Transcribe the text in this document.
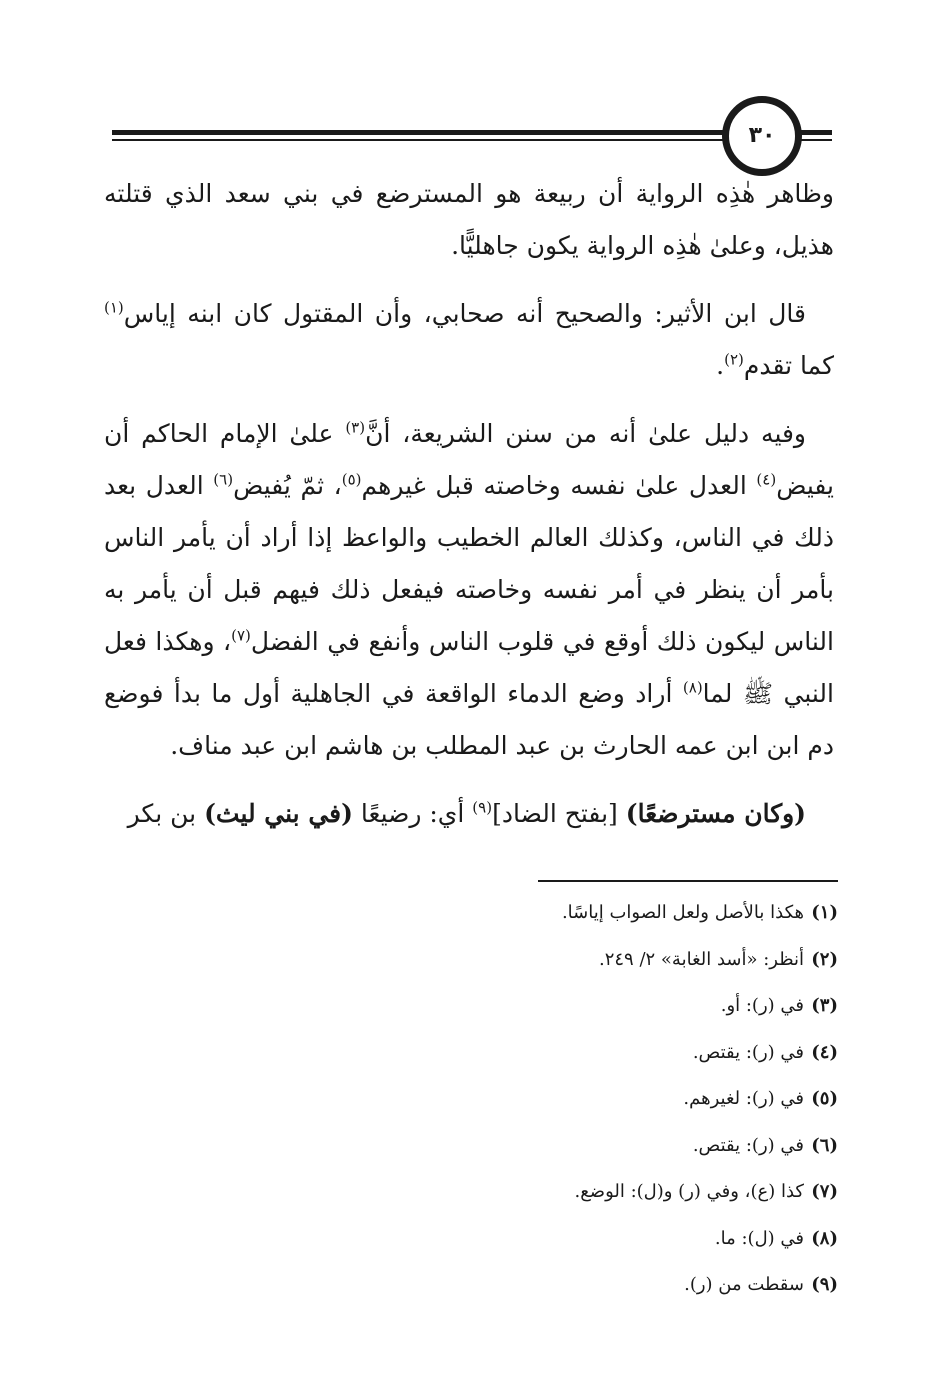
٣٠

وظاهر هٰذِه الرواية أن ربيعة هو المسترضع في بني سعد الذي قتلته هذيل، وعلىٰ هٰذِه الرواية يكون جاهليًّا.

قال ابن الأثير: والصحيح أنه صحابي، وأن المقتول كان ابنه إياس$^{(١)}$ كما تقدم$^{(٢)}$.

وفيه دليل علىٰ أنه من سنن الشريعة، أنَّ$^{(٣)}$ علىٰ الإمام الحاكم أن يفيض$^{(٤)}$ العدل علىٰ نفسه وخاصته قبل غيرهم$^{(٥)}$، ثمّ يُفيض$^{(٦)}$ العدل بعد ذلك في الناس، وكذلك العالم الخطيب والواعظ إذا أراد أن يأمر الناس بأمر أن ينظر في أمر نفسه وخاصته فيفعل ذلك فيهم قبل أن يأمر به الناس ليكون ذلك أوقع في قلوب الناس وأنفع في الفضل$^{(٧)}$، وهكذا فعل النبي ﷺ لما$^{(٨)}$ أراد وضع الدماء الواقعة في الجاهلية أول ما بدأ فوضع دم ابن ابن عمه الحارث بن عبد المطلب بن هاشم ابن عبد مناف.

(وكان مسترضعًا) [بفتح الضاد]$^{(٩)}$ أي: رضيعًا (في بني ليث) بن بكر

(١)هكذا بالأصل ولعل الصواب إياسًا.
(٢)أنظر: «أسد الغابة» ٢/ ٢٤٩.
(٣)في (ر): أو.
(٤)في (ر): يقتص.
(٥)في (ر): لغيرهم.
(٦)في (ر): يقتص.
(٧)كذا (ع)، وفي (ر) و(ل): الوضع.
(٨)في (ل): ما.
(٩)سقطت من (ر).
